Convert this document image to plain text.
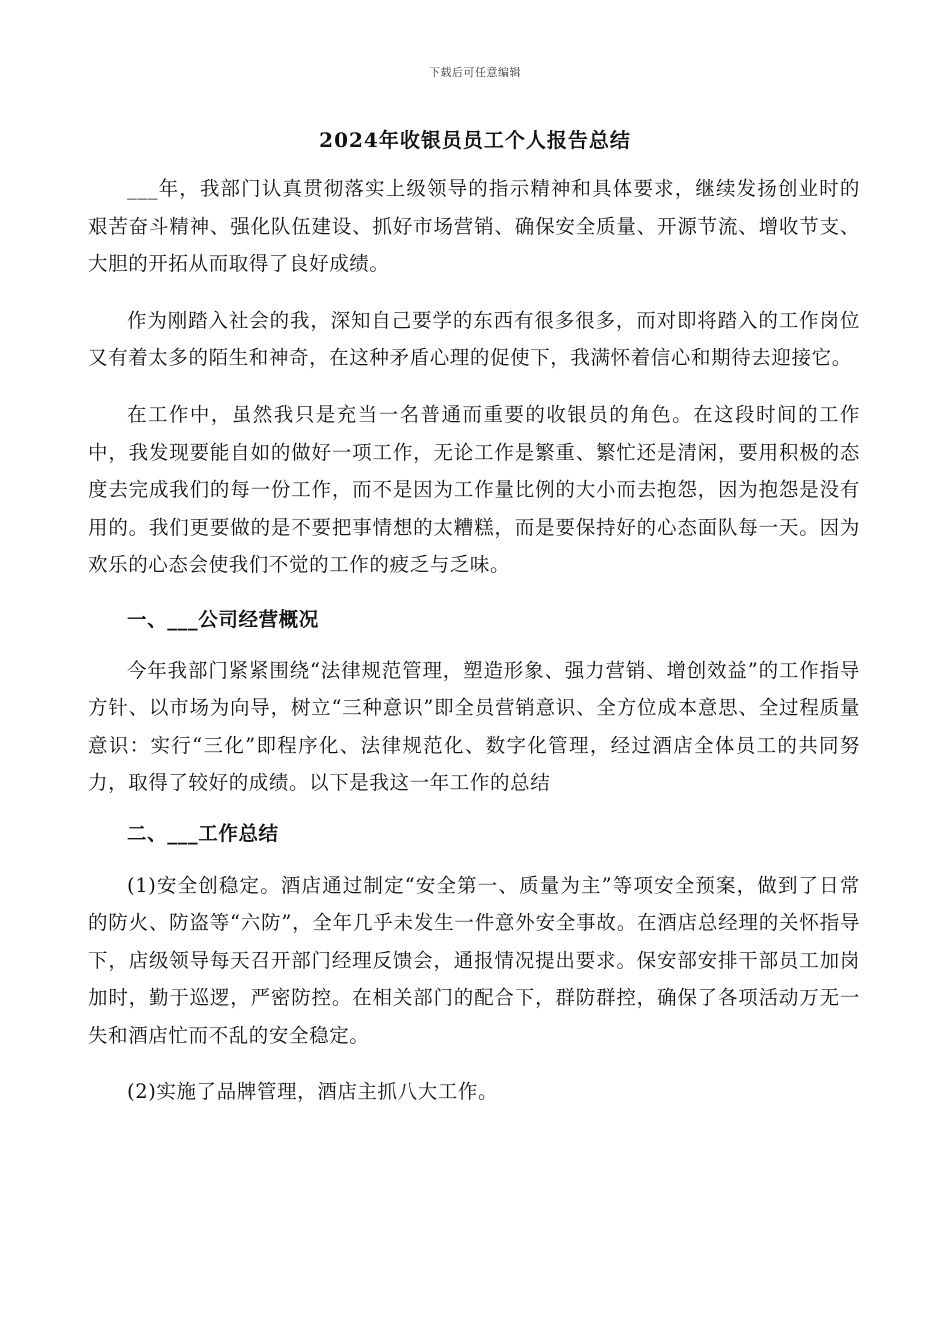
下载后可任意编辑
2024年收银员员工个人报告总结

___年，我部门认真贯彻落实上级领导的指示精神和具体要求，继续发扬创业时的艰苦奋斗精神、强化队伍建设、抓好市场营销、确保安全质量、开源节流、增收节支、大胆的开拓从而取得了良好成绩。

作为刚踏入社会的我，深知自己要学的东西有很多很多，而对即将踏入的工作岗位又有着太多的陌生和神奇，在这种矛盾心理的促使下，我满怀着信心和期待去迎接它。

在工作中，虽然我只是充当一名普通而重要的收银员的角色。在这段时间的工作中，我发现要能自如的做好一项工作，无论工作是繁重、繁忙还是清闲，要用积极的态度去完成我们的每一份工作，而不是因为工作量比例的大小而去抱怨，因为抱怨是没有用的。我们更要做的是不要把事情想的太糟糕，而是要保持好的心态面队每一天。因为欢乐的心态会使我们不觉的工作的疲乏与乏味。

一、___公司经营概况

今年我部门紧紧围绕“法律规范管理，塑造形象、强力营销、增创效益”的工作指导方针、以市场为向导，树立“三种意识”即全员营销意识、全方位成本意思、全过程质量意识：实行“三化”即程序化、法律规范化、数字化管理，经过酒店全体员工的共同努力，取得了较好的成绩。以下是我这一年工作的总结

二、___工作总结

(1)安全创稳定。酒店通过制定“安全第一、质量为主”等项安全预案，做到了日常的防火、防盗等“六防”，全年几乎未发生一件意外安全事故。在酒店总经理的关怀指导下，店级领导每天召开部门经理反馈会，通报情况提出要求。保安部安排干部员工加岗加时，勤于巡逻，严密防控。在相关部门的配合下，群防群控，确保了各项活动万无一失和酒店忙而不乱的安全稳定。

(2)实施了品牌管理，酒店主抓八大工作。
